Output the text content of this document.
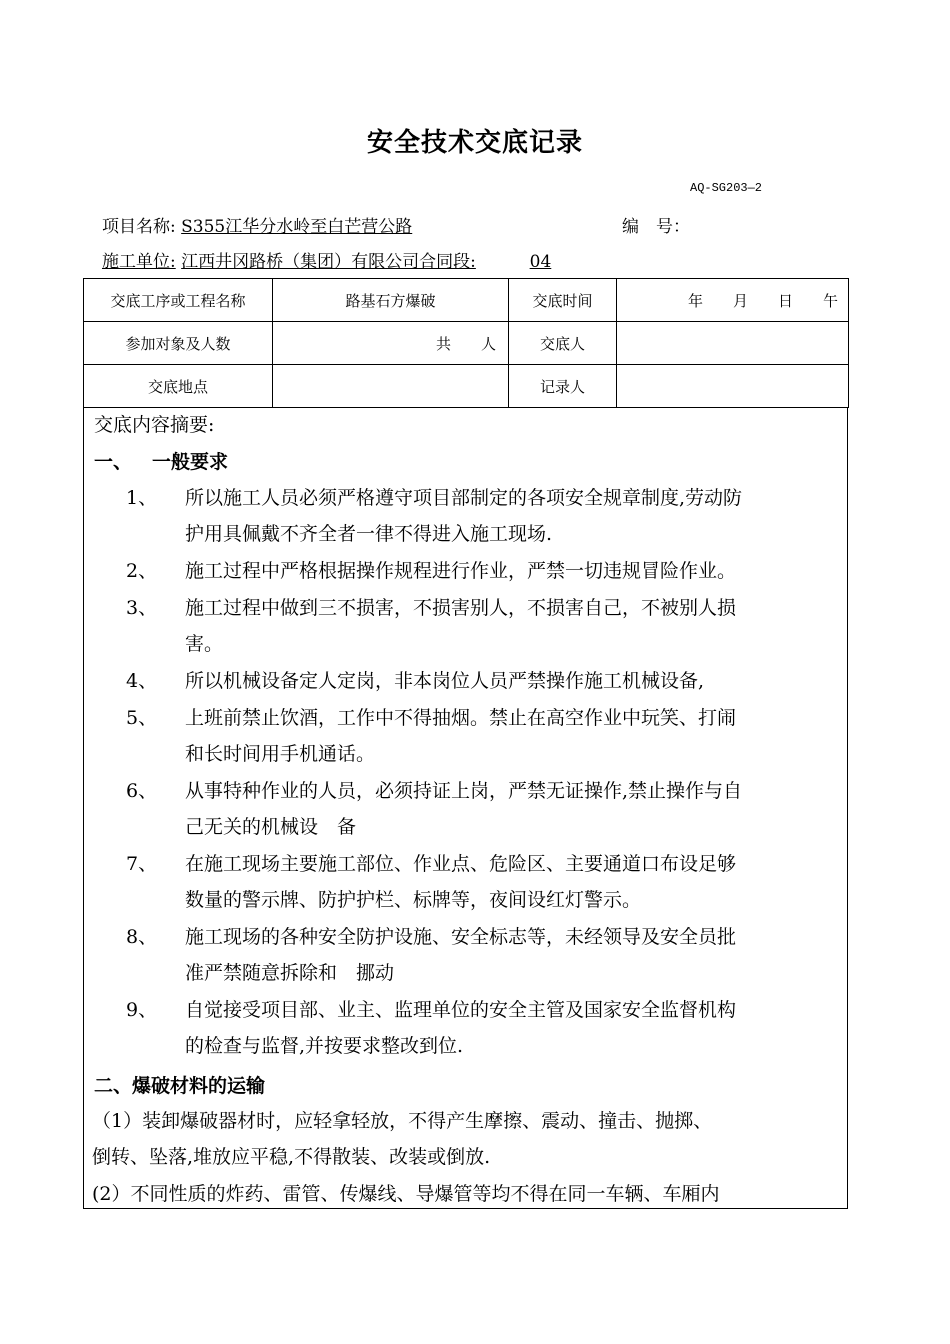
安全技术交底记录
AQ-SG203—2
项目名称: S355江华分水岭至白芒营公路	编　号：
施工单位: 江西井冈路桥（集团）有限公司合同段:	04
交底工序或工程名称	路基石方爆破	交底时间	年　　月　　日　　午
参加对象及人数	共　　人	交底人	
交底地点		记录人	
交底内容摘要:
一、 一般要求
1、 所以施工人员必须严格遵守项目部制定的各项安全规章制度,劳动防
护用具佩戴不齐全者一律不得进入施工现场.
2、 施工过程中严格根据操作规程进行作业，严禁一切违规冒险作业。
3、 施工过程中做到三不损害，不损害别人，不损害自己，不被别人损
害。
4、 所以机械设备定人定岗，非本岗位人员严禁操作施工机械设备,
5、 上班前禁止饮酒，工作中不得抽烟。禁止在高空作业中玩笑、打闹
和长时间用手机通话。
6、 从事特种作业的人员，必须持证上岗，严禁无证操作,禁止操作与自
己无关的机械设　备
7、 在施工现场主要施工部位、作业点、危险区、主要通道口布设足够
数量的警示牌、防护护栏、标牌等，夜间设红灯警示。
8、 施工现场的各种安全防护设施、安全标志等，未经领导及安全员批
准严禁随意拆除和　挪动
9、 自觉接受项目部、业主、监理单位的安全主管及国家安全监督机构
的检查与监督,并按要求整改到位.
二、爆破材料的运输
（1）装卸爆破器材时，应轻拿轻放，不得产生摩擦、震动、撞击、抛掷、
倒转、坠落,堆放应平稳,不得散装、改装或倒放.
(2）不同性质的炸药、雷管、传爆线、导爆管等均不得在同一车辆、车厢内
